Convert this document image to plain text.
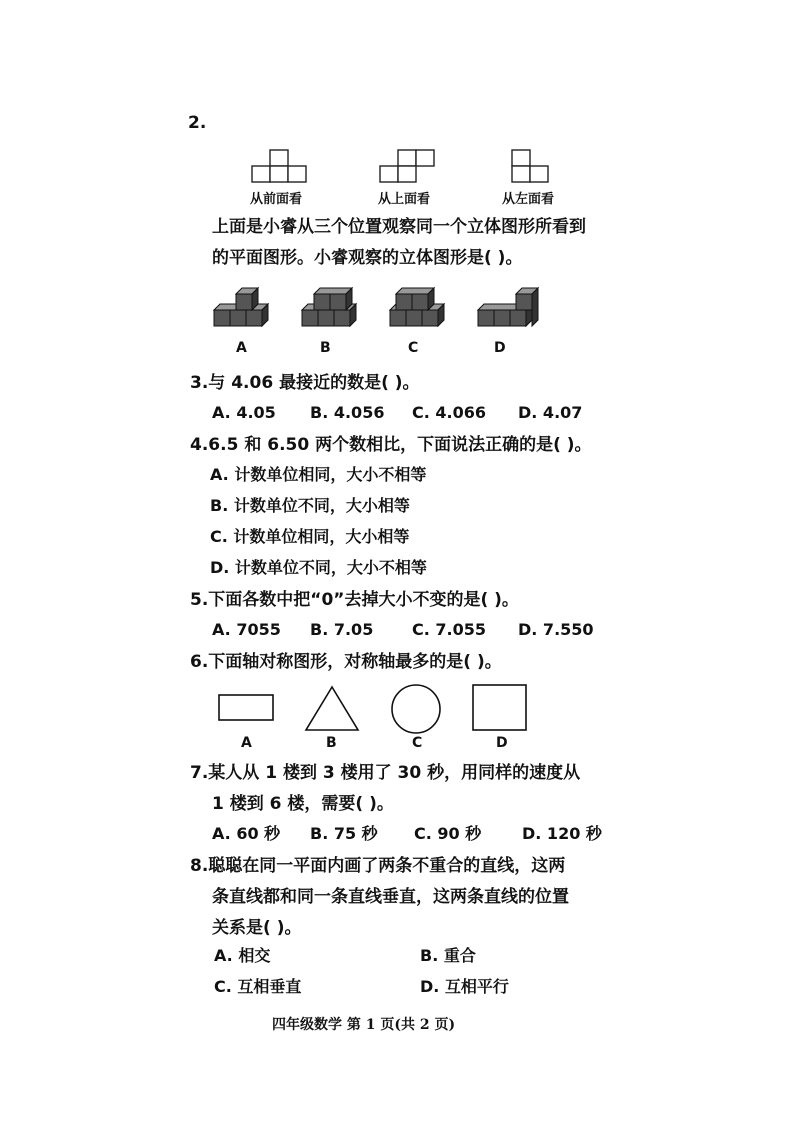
2.
从前面看	从上面看	从左面看
上面是小睿从三个位置观察同一个立体图形所看到
的平面图形。小睿观察的立体图形是( )。
A	B	C	D
3.与 4.06 最接近的数是( )。
A. 4.05 B. 4.056 C. 4.066 D. 4.07
4.6.5 和 6.50 两个数相比，下面说法正确的是( )。
A. 计数单位相同，大小不相等
B. 计数单位不同，大小相等
C. 计数单位相同，大小相等
D. 计数单位不同，大小不相等
5.下面各数中把“0”去掉大小不变的是( )。
A. 7055 B. 7.05 C. 7.055 D. 7.550
6.下面轴对称图形，对称轴最多的是( )。
A	B	C	D
7.某人从 1 楼到 3 楼用了 30 秒，用同样的速度从
1 楼到 6 楼，需要( )。
A. 60 秒 B. 75 秒 C. 90 秒	D. 120 秒
8.聪聪在同一平面内画了两条不重合的直线，这两
条直线都和同一条直线垂直，这两条直线的位置
关系是( )。
A. 相交	B. 重合
C. 互相垂直	D. 互相平行
四年级数学 第 1 页(共 2 页)
